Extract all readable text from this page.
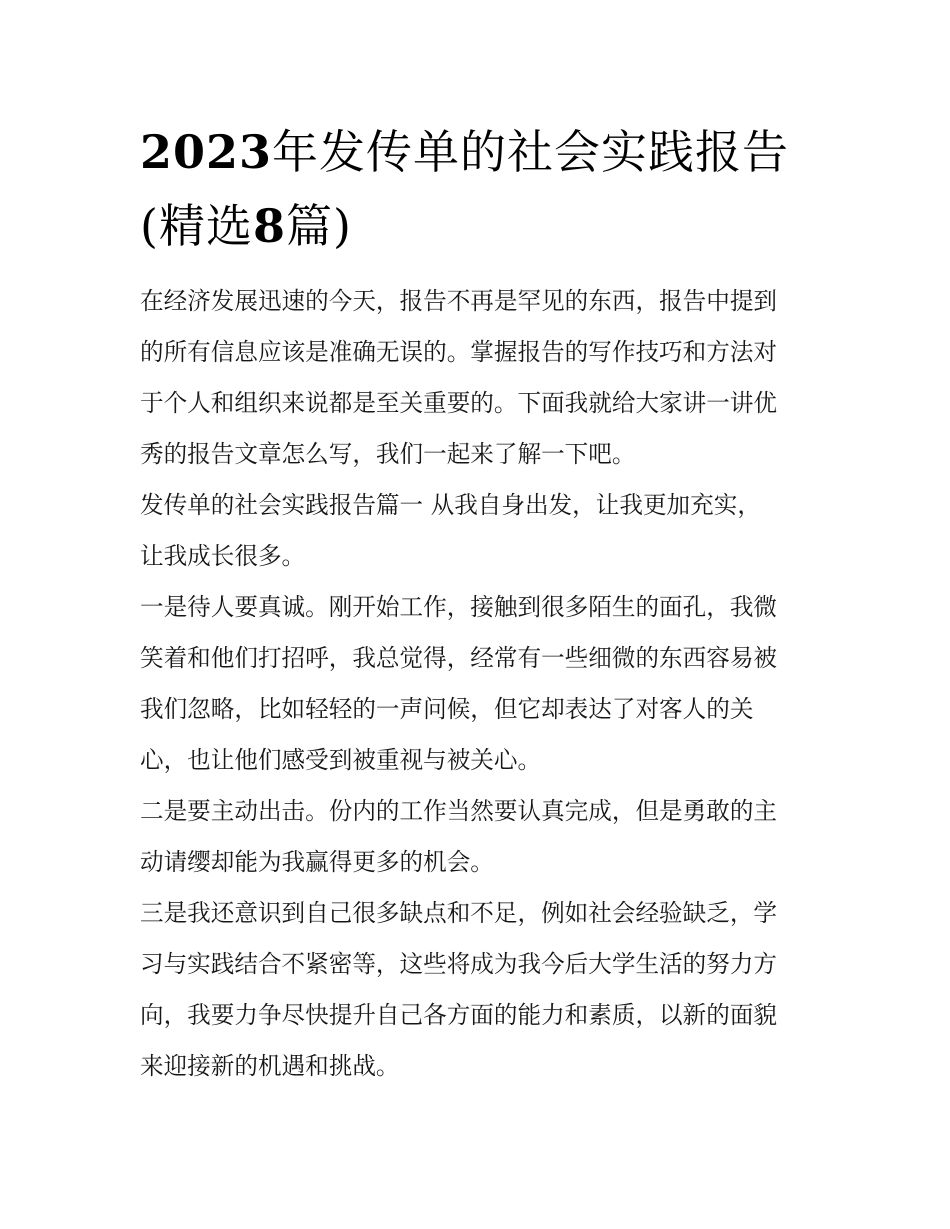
2023年发传单的社会实践报告
(精选8篇)

在经济发展迅速的今天，报告不再是罕见的东西，报告中提到
的所有信息应该是准确无误的。掌握报告的写作技巧和方法对
于个人和组织来说都是至关重要的。下面我就给大家讲一讲优
秀的报告文章怎么写，我们一起来了解一下吧。

发传单的社会实践报告篇一 从我自身出发，让我更加充实，
让我成长很多。

一是待人要真诚。刚开始工作，接触到很多陌生的面孔，我微
笑着和他们打招呼，我总觉得，经常有一些细微的东西容易被
我们忽略，比如轻轻的一声问候，但它却表达了对客人的关
心，也让他们感受到被重视与被关心。

二是要主动出击。份内的工作当然要认真完成，但是勇敢的主
动请缨却能为我赢得更多的机会。

三是我还意识到自己很多缺点和不足，例如社会经验缺乏，学
习与实践结合不紧密等，这些将成为我今后大学生活的努力方
向，我要力争尽快提升自己各方面的能力和素质，以新的面貌
来迎接新的机遇和挑战。
